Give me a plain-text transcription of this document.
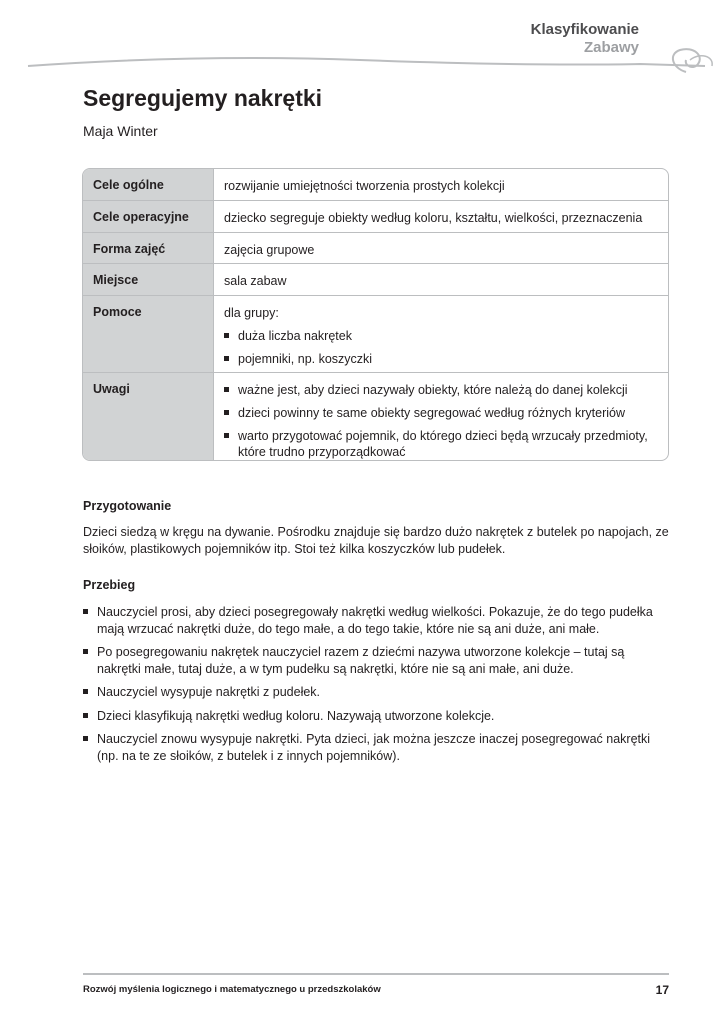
Klasyfikowanie
Zabawy
Segregujemy nakrętki
Maja Winter
Cele ogólne	rozwijanie umiejętności tworzenia prostych kolekcji
Cele operacyjne	dziecko segreguje obiekty według koloru, kształtu, wielkości, przeznaczenia
Forma zajęć	zajęcia grupowe
Miejsce	sala zabaw
Pomoce	dla grupy:
duża liczba nakrętek
pojemniki, np. koszyczki
Uwagi	ważne jest, aby dzieci nazywały obiekty, które należą do danej kolekcji
dzieci powinny te same obiekty segregować według różnych kryteriów
warto przygotować pojemnik, do którego dzieci będą wrzucały przedmioty, które trudno przyporządkować
Przygotowanie

Dzieci siedzą w kręgu na dywanie. Pośrodku znajduje się bardzo dużo nakrętek z butelek po napojach, ze słoików, plastikowych pojemników itp. Stoi też kilka koszyczków lub pudełek.

Przebieg
Nauczyciel prosi, aby dzieci posegregowały nakrętki według wielkości. Pokazuje, że do tego pudełka mają wrzucać nakrętki duże, do tego małe, a do tego takie, które nie są ani duże, ani małe.
Po posegregowaniu nakrętek nauczyciel razem z dziećmi nazywa utworzone kolekcje – tutaj są nakrętki małe, tutaj duże, a w tym pudełku są nakrętki, które nie są ani małe, ani duże.
Nauczyciel wysypuje nakrętki z pudełek.
Dzieci klasyfikują nakrętki według koloru. Nazywają utworzone kolekcje.
Nauczyciel znowu wysypuje nakrętki. Pyta dzieci, jak można jeszcze inaczej posegregować nakrętki (np. na te ze słoików, z butelek i z innych pojemników).
Rozwój myślenia logicznego i matematycznego u przedszkolaków	17
